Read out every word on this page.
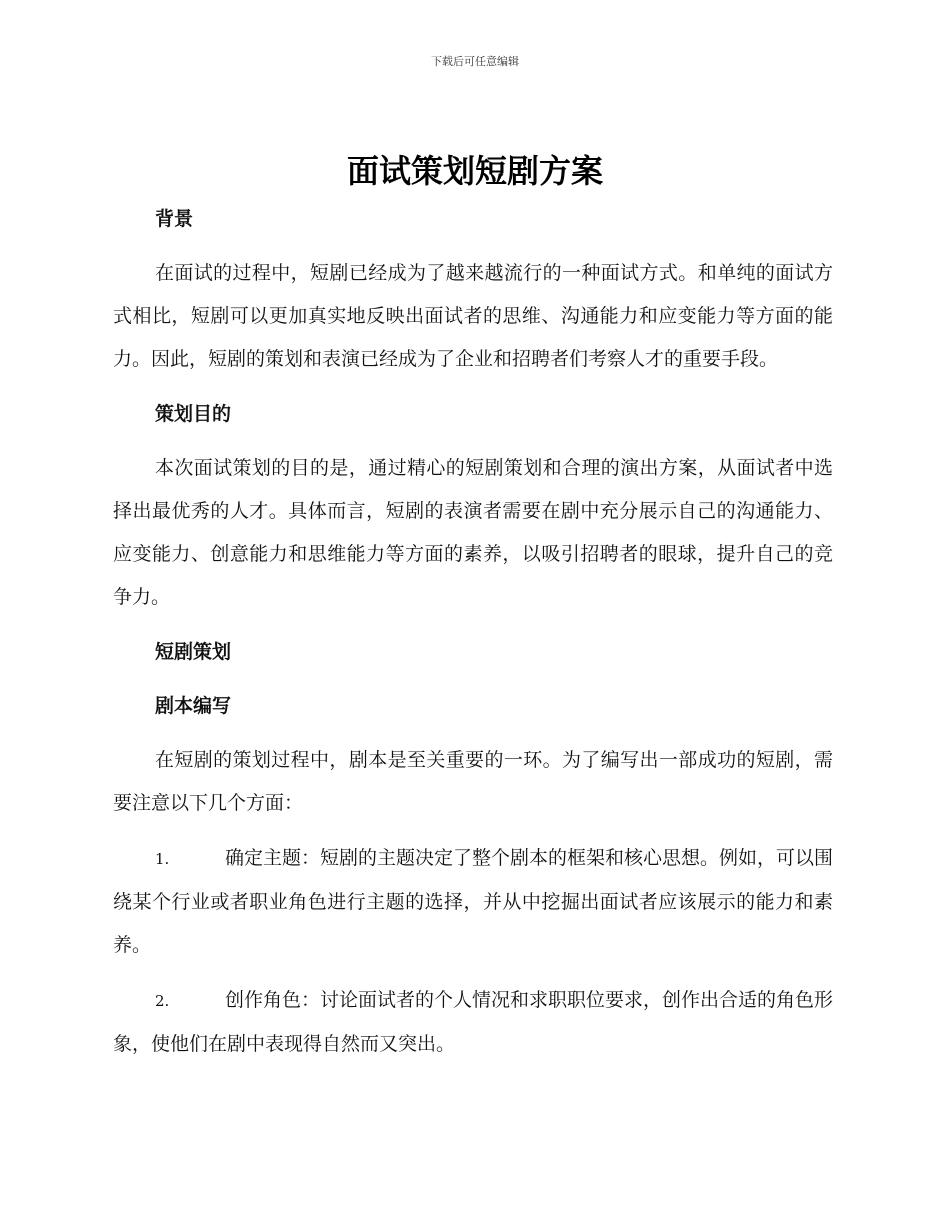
下载后可任意编辑
面试策划短剧方案
背景

在面试的过程中，短剧已经成为了越来越流行的一种面试方式。和单纯的面试方式相比，短剧可以更加真实地反映出面试者的思维、沟通能力和应变能力等方面的能力。因此，短剧的策划和表演已经成为了企业和招聘者们考察人才的重要手段。

策划目的

本次面试策划的目的是，通过精心的短剧策划和合理的演出方案，从面试者中选择出最优秀的人才。具体而言，短剧的表演者需要在剧中充分展示自己的沟通能力、应变能力、创意能力和思维能力等方面的素养，以吸引招聘者的眼球，提升自己的竞争力。

短剧策划
剧本编写

在短剧的策划过程中，剧本是至关重要的一环。为了编写出一部成功的短剧，需要注意以下几个方面：

1.	确定主题：短剧的主题决定了整个剧本的框架和核心思想。例如，可以围绕某个行业或者职业角色进行主题的选择，并从中挖掘出面试者应该展示的能力和素养。

2.	创作角色：讨论面试者的个人情况和求职职位要求，创作出合适的角色形象，使他们在剧中表现得自然而又突出。
